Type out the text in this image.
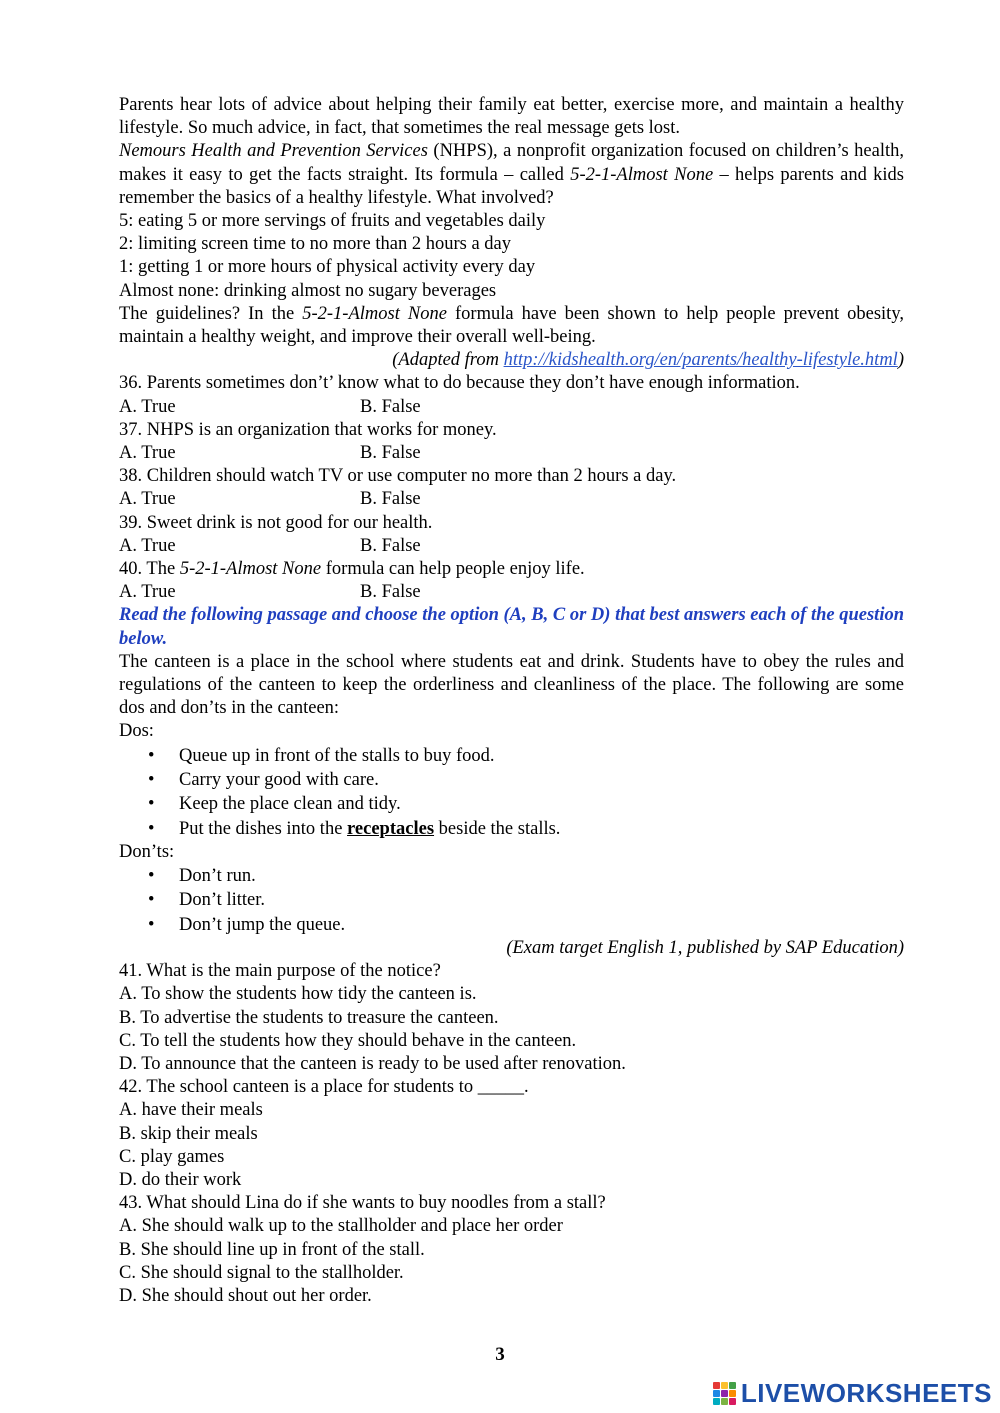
Parents hear lots of advice about helping their family eat better, exercise more, and maintain a healthy lifestyle. So much advice, in fact, that sometimes the real message gets lost.

Nemours Health and Prevention Services (NHPS), a nonprofit organization focused on children’s health, makes it easy to get the facts straight. Its formula – called 5-2-1-Almost None – helps parents and kids remember the basics of a healthy lifestyle. What involved?

5: eating 5 or more servings of fruits and vegetables daily

2: limiting screen time to no more than 2 hours a day

1: getting 1 or more hours of physical activity every day

Almost none: drinking almost no sugary beverages

The guidelines? In the 5-2-1-Almost None formula have been shown to help people prevent obesity, maintain a healthy weight, and improve their overall well-being.

(Adapted from http://kidshealth.org/en/parents/healthy-lifestyle.html)

36. Parents sometimes don’t’ know what to do because they don’t have enough information.

A. True	B. False

37. NHPS is an organization that works for money.

A. True	B. False

38. Children should watch TV or use computer no more than 2 hours a day.

A. True	B. False

39. Sweet drink is not good for our health.

A. True	B. False

40. The 5-2-1-Almost None formula can help people enjoy life.

A. True	B. False

Read the following passage and choose the option (A, B, C or D) that best answers each of the question below.

The canteen is a place in the school where students eat and drink. Students have to obey the rules and regulations of the canteen to keep the orderliness and cleanliness of the place. The following are some dos and don’ts in the canteen:

Dos:

• Queue up in front of the stalls to buy food.
• Carry your good with care.
• Keep the place clean and tidy.
• Put the dishes into the receptacles beside the stalls.

Don’ts:

• Don’t run.
• Don’t litter.
• Don’t jump the queue.

(Exam target English 1, published by SAP Education)

41. What is the main purpose of the notice?

A. To show the students how tidy the canteen is.

B. To advertise the students to treasure the canteen.

C. To tell the students how they should behave in the canteen.

D. To announce that the canteen is ready to be used after renovation.

42. The school canteen is a place for students to _____.

A. have their meals

B. skip their meals

C. play games

D. do their work

43. What should Lina do if she wants to buy noodles from a stall?

A. She should walk up to the stallholder and place her order

B. She should line up in front of the stall.

C. She should signal to the stallholder.

D. She should shout out her order.

3
LIVEWORKSHEETS
